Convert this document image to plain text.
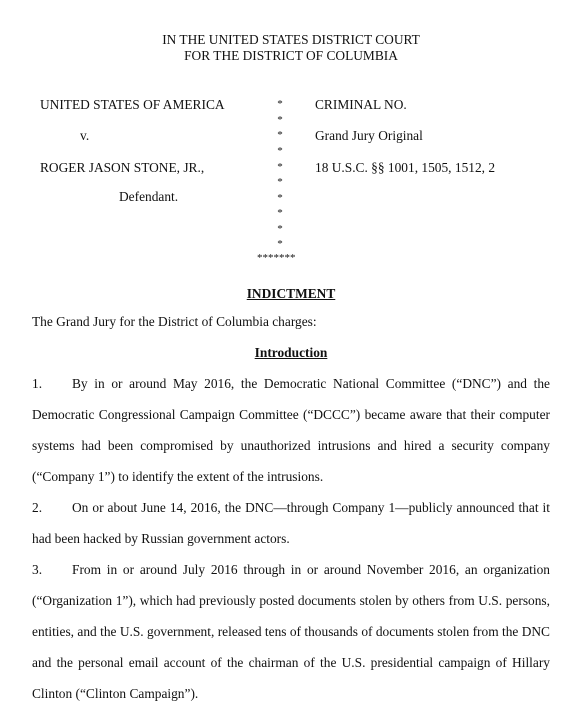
IN THE UNITED STATES DISTRICT COURT
FOR THE DISTRICT OF COLUMBIA
UNITED STATES OF AMERICA
v.
ROGER JASON STONE, JR.,
Defendant.
CRIMINAL NO.
Grand Jury Original
18 U.S.C. §§ 1001, 1505, 1512, 2
*
*
*
*
*
*
*
*
*
*
*******
INDICTMENT
The Grand Jury for the District of Columbia charges:
Introduction
1. By in or around May 2016, the Democratic National Committee (“DNC”) and the
Democratic Congressional Campaign Committee (“DCCC”) became aware that their computer
systems had been compromised by unauthorized intrusions and hired a security company
(“Company 1”) to identify the extent of the intrusions.
2. On or about June 14, 2016, the DNC—through Company 1—publicly announced that it
had been hacked by Russian government actors.
3. From in or around July 2016 through in or around November 2016, an organization
(“Organization 1”), which had previously posted documents stolen by others from U.S. persons,
entities, and the U.S. government, released tens of thousands of documents stolen from the DNC
and the personal email account of the chairman of the U.S. presidential campaign of Hillary
Clinton (“Clinton Campaign”).
